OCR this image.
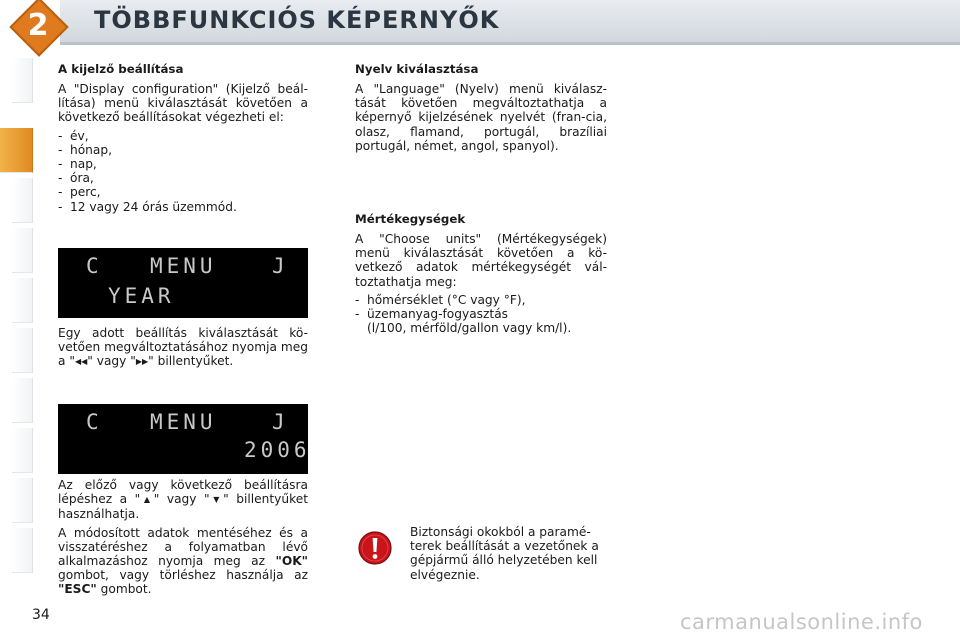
2	TÖBBFUNKCIÓS KÉPERNYŐK
A kijelző beállítása

A "Display configuration" (Kijelző beál-lítása) menü kiválasztását követően a következő beállításokat végezheti el:

- év,
- hónap,
- nap,
- óra,
- perc,
- 12 vagy 24 órás üzemmód.
C MENU	J
YEAR

Egy adott beállítás kiválasztását kö-vetően megváltoztatásához nyomja meg a "◀◀" vagy "▶▶" billentyűket.

C MENU	J
2006

Az előző vagy következő beállításra lépéshez a "▲" vagy "▼" billentyűket használhatja.

A módosított adatok mentéséhez és a visszatéréshez a folyamatban lévő alkalmazáshoz nyomja meg az "OK" gombot, vagy törléshez használja az "ESC" gombot.

Nyelv kiválasztása

A "Language" (Nyelv) menü kiválasz-tását követően megváltoztathatja a képernyő kijelzésének nyelvét (fran-cia, olasz, flamand, portugál, brazíliai portugál, német, angol, spanyol).

Mértékegységek

A "Choose units" (Mértékegységek) menü kiválasztását követően a kö-vetkező adatok mértékegységét vál-toztathatja meg:

- hőmérséklet (°C vagy °F),
- üzemanyag-fogyasztás
(l/100, mérföld/gallon vagy km/l).
Biztonsági okokból a paramé-terek beállítását a vezetőnek a gépjármű álló helyzetében kell elvégeznie.
34	carmanualsonline.info
